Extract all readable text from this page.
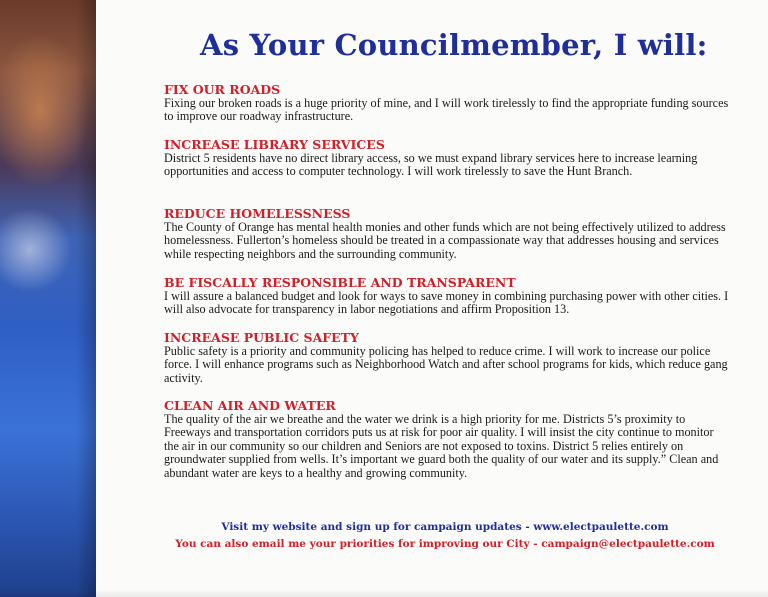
As Your Councilmember, I will:
FIX OUR ROADS
Fixing our broken roads is a huge priority of mine, and I will work tirelessly to find the appropriate funding sources to improve our roadway infrastructure.
INCREASE LIBRARY SERVICES
District 5 residents have no direct library access, so we must expand library services here to increase learning opportunities and access to computer technology. I will work tirelessly to save the Hunt Branch.
REDUCE HOMELESSNESS
The County of Orange has mental health monies and other funds which are not being effectively utilized to address homelessness. Fullerton’s homeless should be treated in a compassionate way that addresses housing and services while respecting neighbors and the surrounding community.
BE FISCALLY RESPONSIBLE AND TRANSPARENT
I will assure a balanced budget and look for ways to save money in combining purchasing power with other cities. I will also advocate for transparency in labor negotiations and affirm Proposition 13.
INCREASE PUBLIC SAFETY
Public safety is a priority and community policing has helped to reduce crime. I will work to increase our police force. I will enhance programs such as Neighborhood Watch and after school programs for kids, which reduce gang activity.
CLEAN AIR AND WATER
The quality of the air we breathe and the water we drink is a high priority for me. Districts 5’s proximity to Freeways and transportation corridors puts us at risk for poor air quality. I will insist the city continue to monitor the air in our community so our children and Seniors are not exposed to toxins. District 5 relies entirely on groundwater supplied from wells. It’s important we guard both the quality of our water and its supply.” Clean and abundant water are keys to a healthy and growing community.
Visit my website and sign up for campaign updates - www.electpaulette.com
You can also email me your priorities for improving our City - campaign@electpaulette.com
